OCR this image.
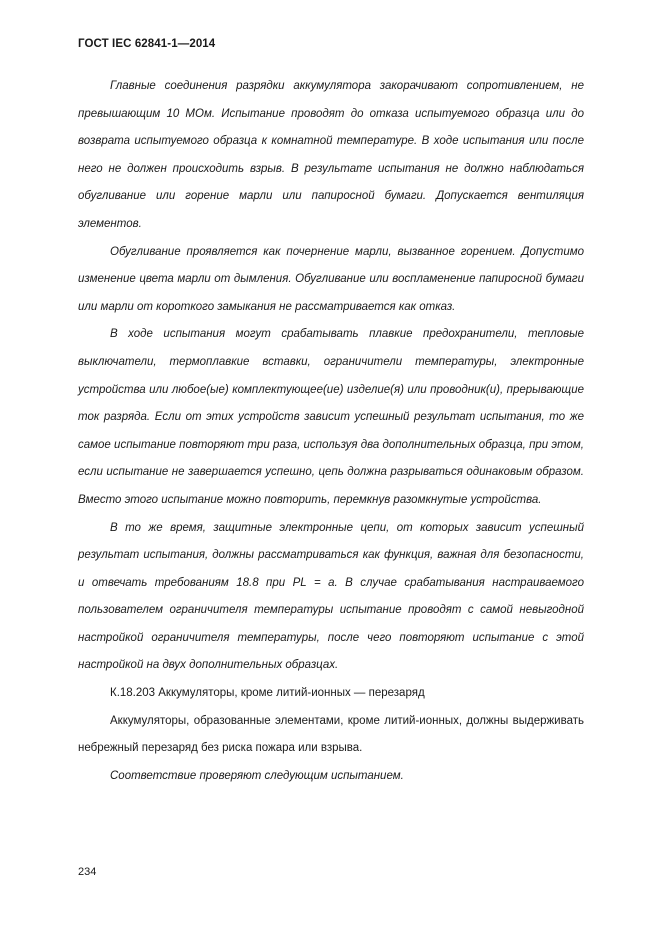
ГОСТ IEC 62841-1—2014

Главные соединения разрядки аккумулятора закорачивают сопротивлением, не превышающим 10 МОм. Испытание проводят до отказа испытуемого образца или до возврата испытуемого образца к комнатной температуре. В ходе испытания или после него не должен происходить взрыв. В результате испытания не должно наблюдаться обугливание или горение марли или папиросной бумаги. Допускается вентиляция элементов.

Обугливание проявляется как почернение марли, вызванное горением. Допустимо изменение цвета марли от дымления. Обугливание или воспламенение папиросной бумаги или марли от короткого замыкания не рассматривается как отказ.

В ходе испытания могут срабатывать плавкие предохранители, тепловые выключатели, термоплавкие вставки, ограничители температуры, электронные устройства или любое(ые) комплектующее(ие) изделие(я) или проводник(и), прерывающие ток разряда. Если от этих устройств зависит успешный результат испытания, то же самое испытание повторяют три раза, используя два дополнительных образца, при этом, если испытание не завершается успешно, цепь должна разрываться одинаковым образом. Вместо этого испытание можно повторить, перемкнув разомкнутые устройства.

В то же время, защитные электронные цепи, от которых зависит успешный результат испытания, должны рассматриваться как функция, важная для безопасности, и отвечать требованиям 18.8 при PL = a. В случае срабатывания настраиваемого пользователем ограничителя температуры испытание проводят с самой невыгодной настройкой ограничителя температуры, после чего повторяют испытание с этой настройкой на двух дополнительных образцах.

К.18.203 Аккумуляторы, кроме литий-ионных — перезаряд

Аккумуляторы, образованные элементами, кроме литий-ионных, должны выдерживать небрежный перезаряд без риска пожара или взрыва.

Соответствие проверяют следующим испытанием.

234
